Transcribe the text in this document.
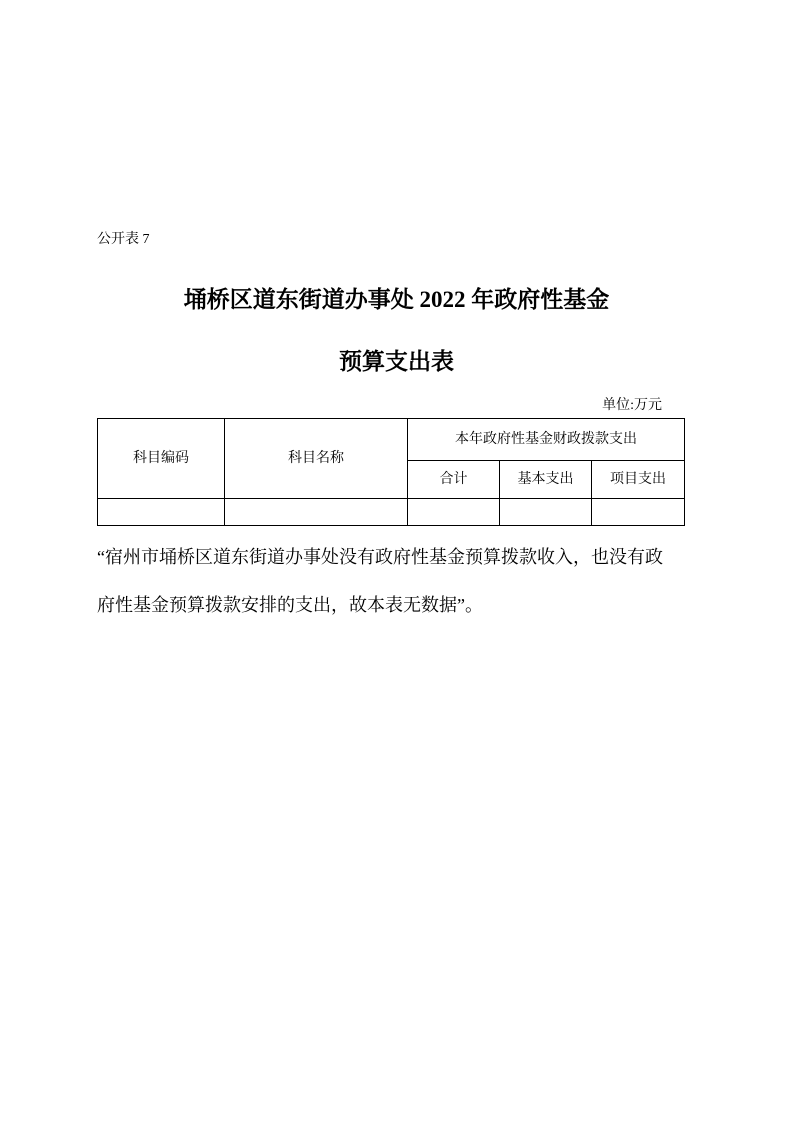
公开表 7
埇桥区道东街道办事处 2022 年政府性基金
预算支出表
单位:万元
科目编码	科目名称	本年政府性基金财政拨款支出		
		合计	基本支出	项目支出

“宿州市埇桥区道东街道办事处没有政府性基金预算拨款收入，也没有政
府性基金预算拨款安排的支出，故本表无数据”。
